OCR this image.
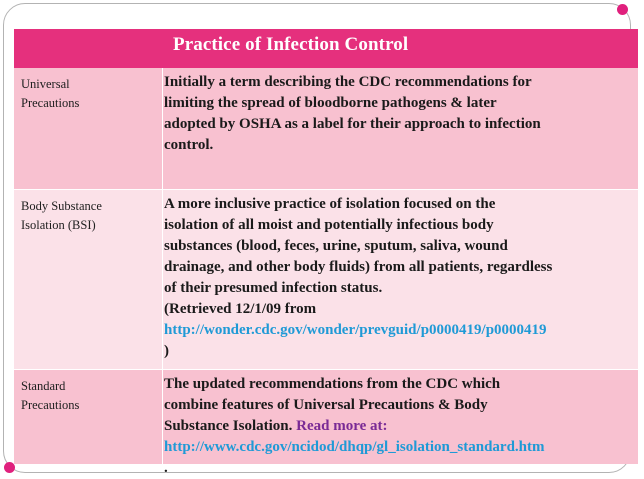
Practice of Infection Control
Universal
Precautions
Initially a term describing the CDC recommendations for
limiting the spread of bloodborne pathogens & later
adopted by OSHA as a label for their approach to infection
control.
Body Substance
Isolation (BSI)
A more inclusive practice of isolation focused on the
isolation of all moist and potentially infectious body
substances (blood, feces, urine, sputum, saliva, wound
drainage, and other body fluids) from all patients, regardless
of their presumed infection status.
(Retrieved 12/1/09 from
http://wonder.cdc.gov/wonder/prevguid/p0000419/p0000419
)
Standard
Precautions
The updated recommendations from the CDC which
combine features of Universal Precautions & Body
Substance Isolation. Read more at:
http://www.cdc.gov/ncidod/dhqp/gl_isolation_standard.htm
.
